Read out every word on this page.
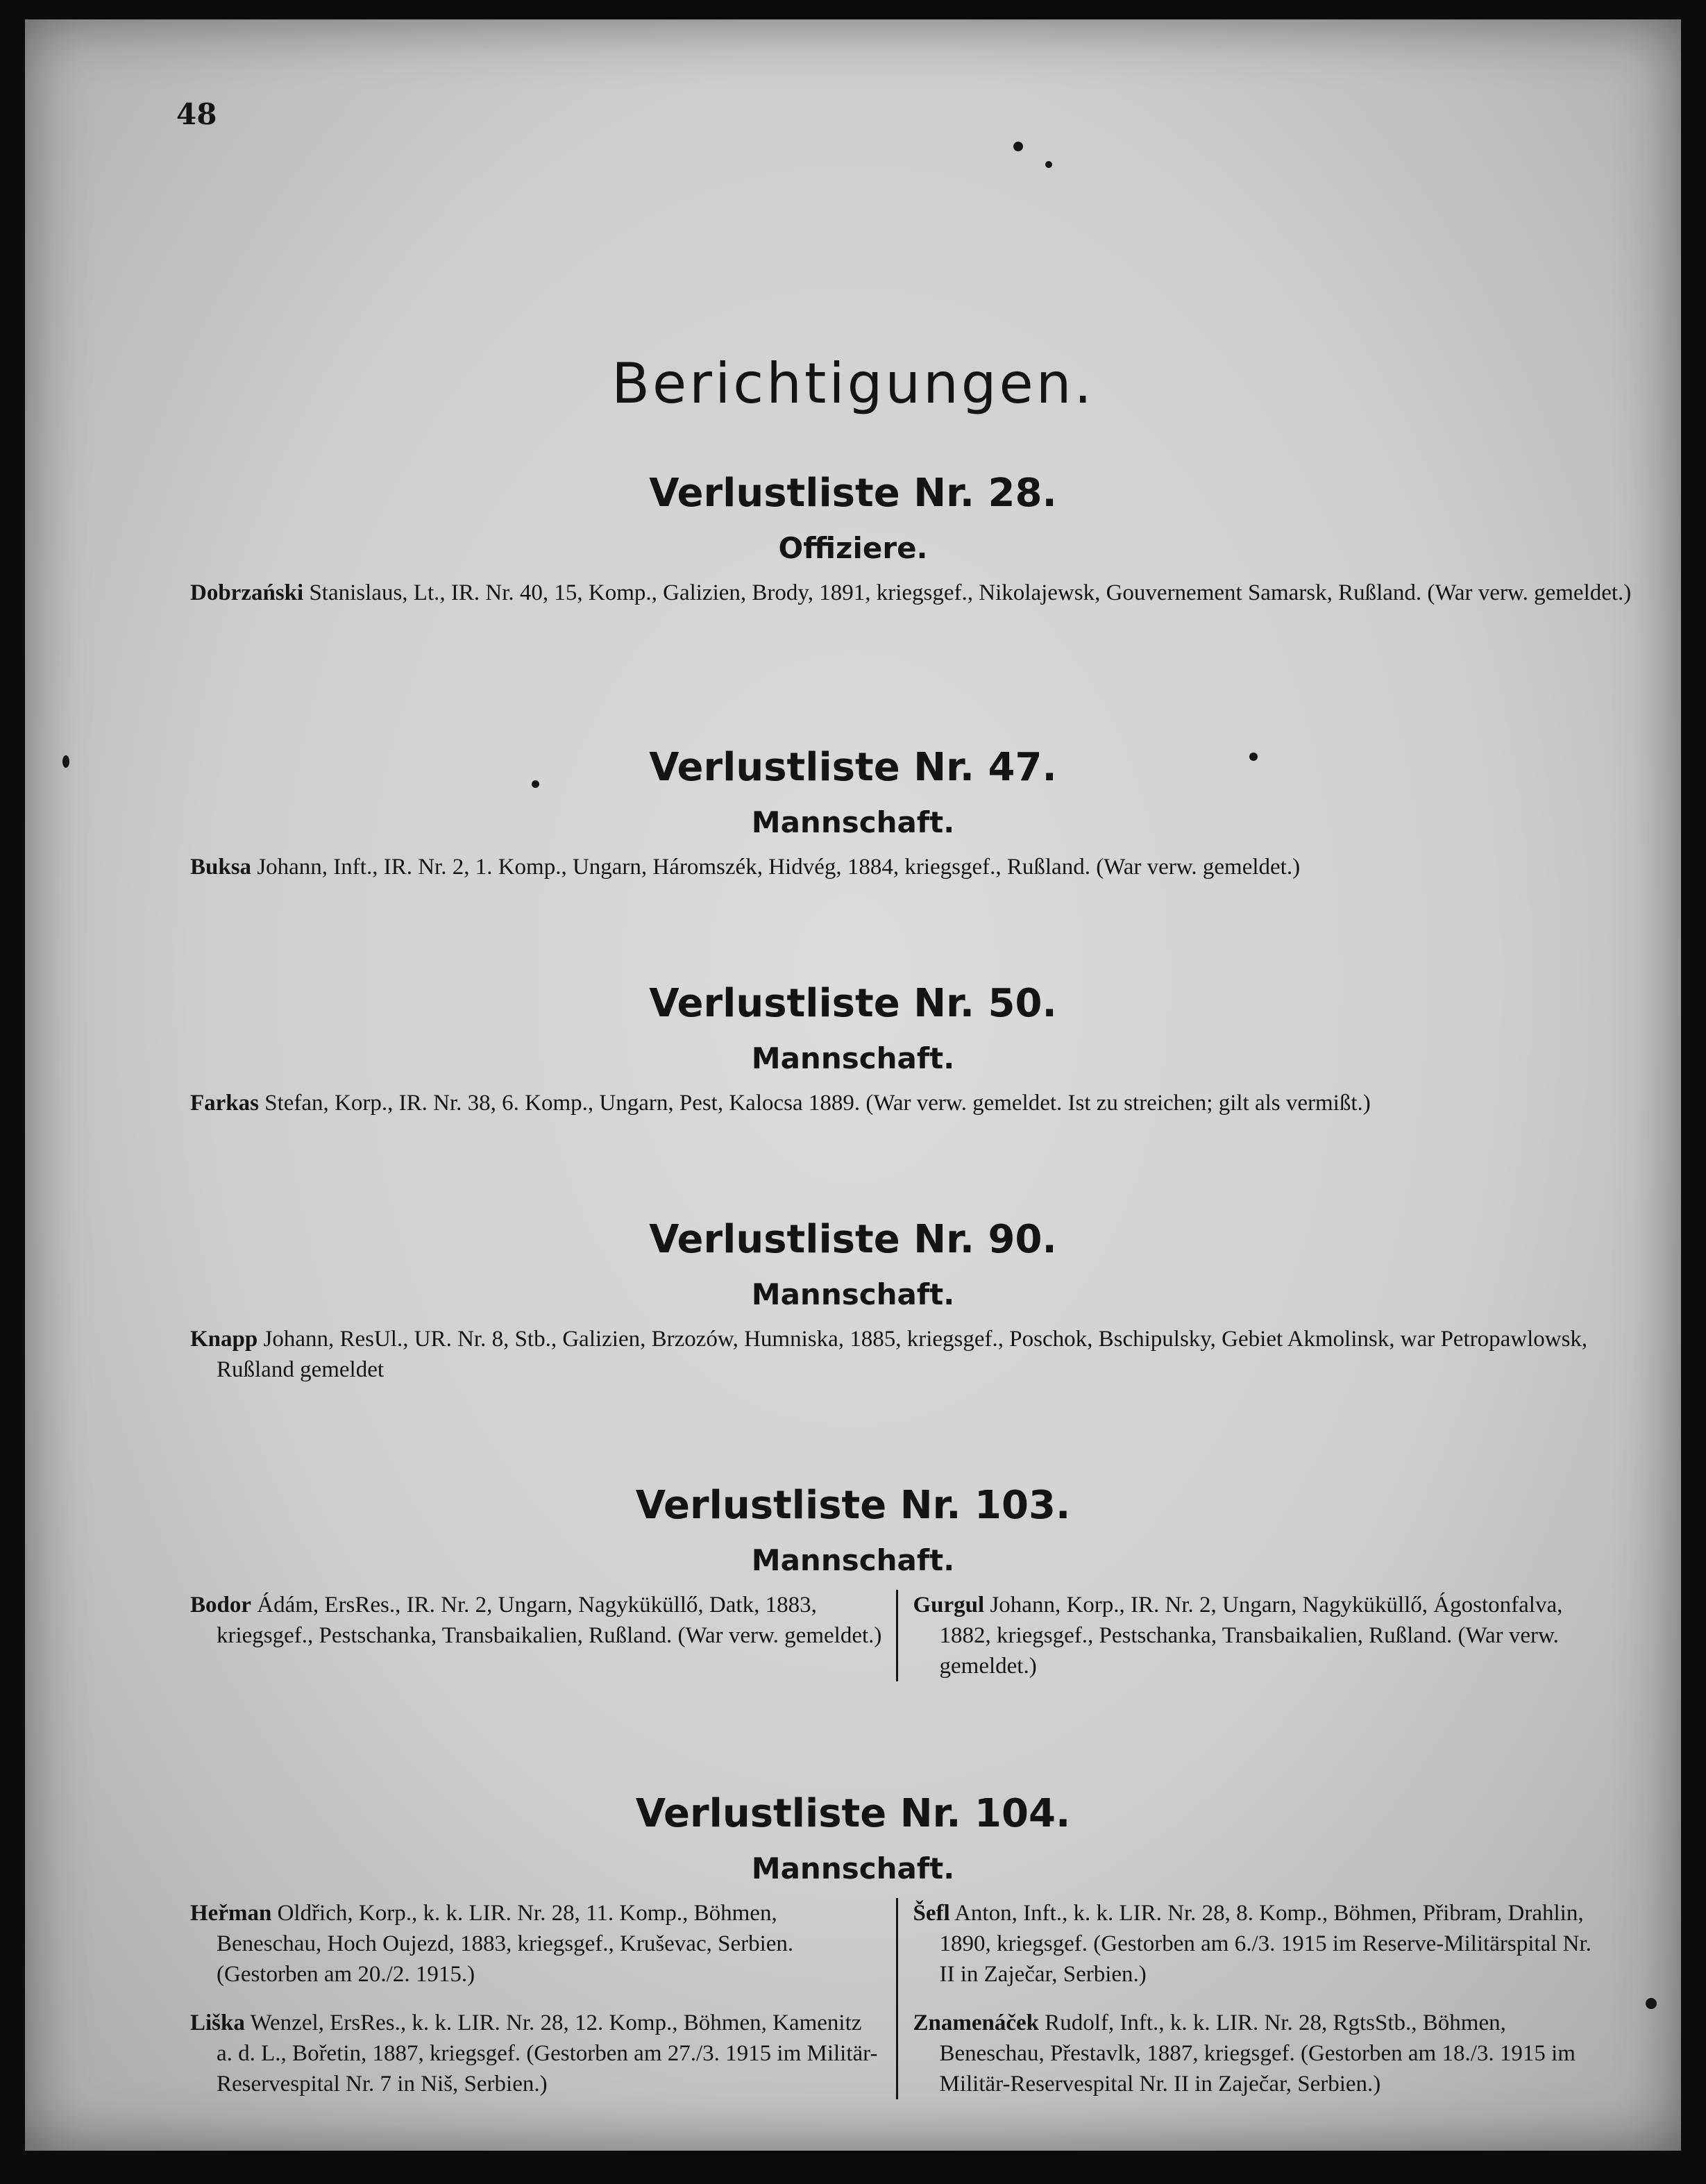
48
Berichtigungen.
Verlustliste Nr. 28.
Offiziere.
Dobrzański Stanislaus, Lt., IR. Nr. 40, 15, Komp., Galizien, Brody, 1891, kriegsgef., Nikolajewsk, Gouvernement Samarsk, Rußland. (War verw. gemeldet.)
Verlustliste Nr. 47.
Mannschaft.
Buksa Johann, Inft., IR. Nr. 2, 1. Komp., Ungarn, Háromszék, Hidvég, 1884, kriegsgef., Rußland. (War verw. gemeldet.)
Verlustliste Nr. 50.
Mannschaft.
Farkas Stefan, Korp., IR. Nr. 38, 6. Komp., Ungarn, Pest, Kalocsa 1889. (War verw. gemeldet. Ist zu streichen; gilt als vermißt.)
Verlustliste Nr. 90.
Mannschaft.
Knapp Johann, ResUl., UR. Nr. 8, Stb., Galizien, Brzozów, Humniska, 1885, kriegsgef., Poschok, Bschipulsky, Gebiet Akmolinsk, war Petropawlowsk, Rußland gemeldet
Verlustliste Nr. 103.
Mannschaft.
Bodor Ádám, ErsRes., IR. Nr. 2, Ungarn, Nagyküküllő, Datk, 1883, kriegsgef., Pestschanka, Transbaikalien, Rußland. (War verw. gemeldet.)
Gurgul Johann, Korp., IR. Nr. 2, Ungarn, Nagyküküllő, Ágostonfalva, 1882, kriegsgef., Pestschanka, Transbaikalien, Rußland. (War verw. gemeldet.)
Verlustliste Nr. 104.
Mannschaft.
Heřman Oldřich, Korp., k. k. LIR. Nr. 28, 11. Komp., Böhmen, Beneschau, Hoch Oujezd, 1883, kriegsgef., Kruševac, Serbien. (Gestorben am 20./2. 1915.)
Liška Wenzel, ErsRes., k. k. LIR. Nr. 28, 12. Komp., Böhmen, Kamenitz a. d. L., Bořetin, 1887, kriegsgef. (Gestorben am 27./3. 1915 im Militär-Reservespital Nr. 7 in Niš, Serbien.)
Šefl Anton, Inft., k. k. LIR. Nr. 28, 8. Komp., Böhmen, Přibram, Drahlin, 1890, kriegsgef. (Gestorben am 6./3. 1915 im Reserve-Militärspital Nr. II in Zaječar, Serbien.)
Znamenáček Rudolf, Inft., k. k. LIR. Nr. 28, RgtsStb., Böhmen, Beneschau, Přestavlk, 1887, kriegsgef. (Gestorben am 18./3. 1915 im Militär-Reservespital Nr. II in Zaječar, Serbien.)
